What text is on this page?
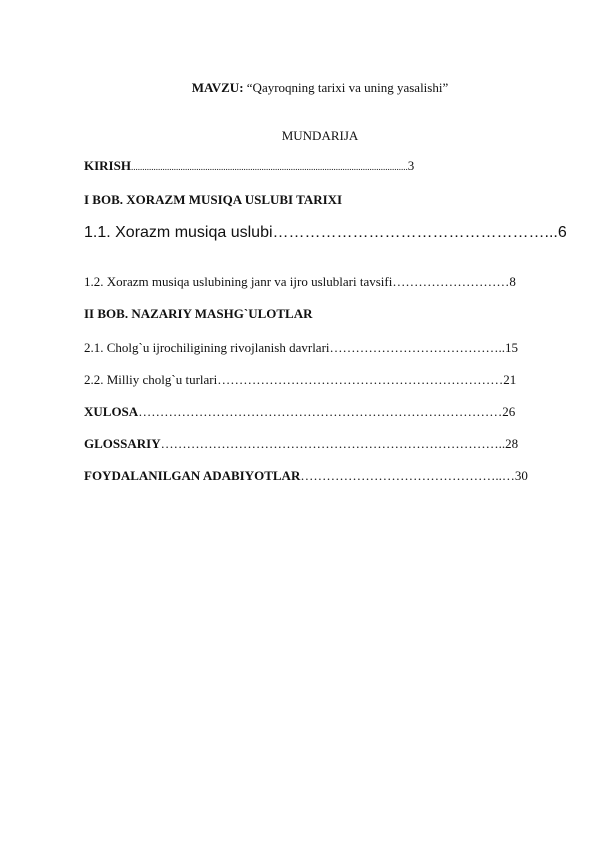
MAVZU: “Qayroqning tarixi va uning yasalishi”
MUNDARIJA
KIRISH...........................................................................................................................3
I BOB. XORAZM MUSIQA USLUBI TARIXI
1.1. Xorazm musiqa uslubi……………………………………………...6
1.2. Xorazm musiqa uslubining janr va ijro uslublari tavsifi………………………8
II BOB. NAZARIY MASHG`ULOTLAR
2.1. Cholg`u ijrochiligining rivojlanish davrlari…………………………………..15
2.2. Milliy cholg`u turlari…………………………………………………………21
XULOSA…………………………………………………………………………26
GLOSSARIY……………………………………………………………………..28
FOYDALANILGAN ADABIYOTLAR………………………………………..…30
